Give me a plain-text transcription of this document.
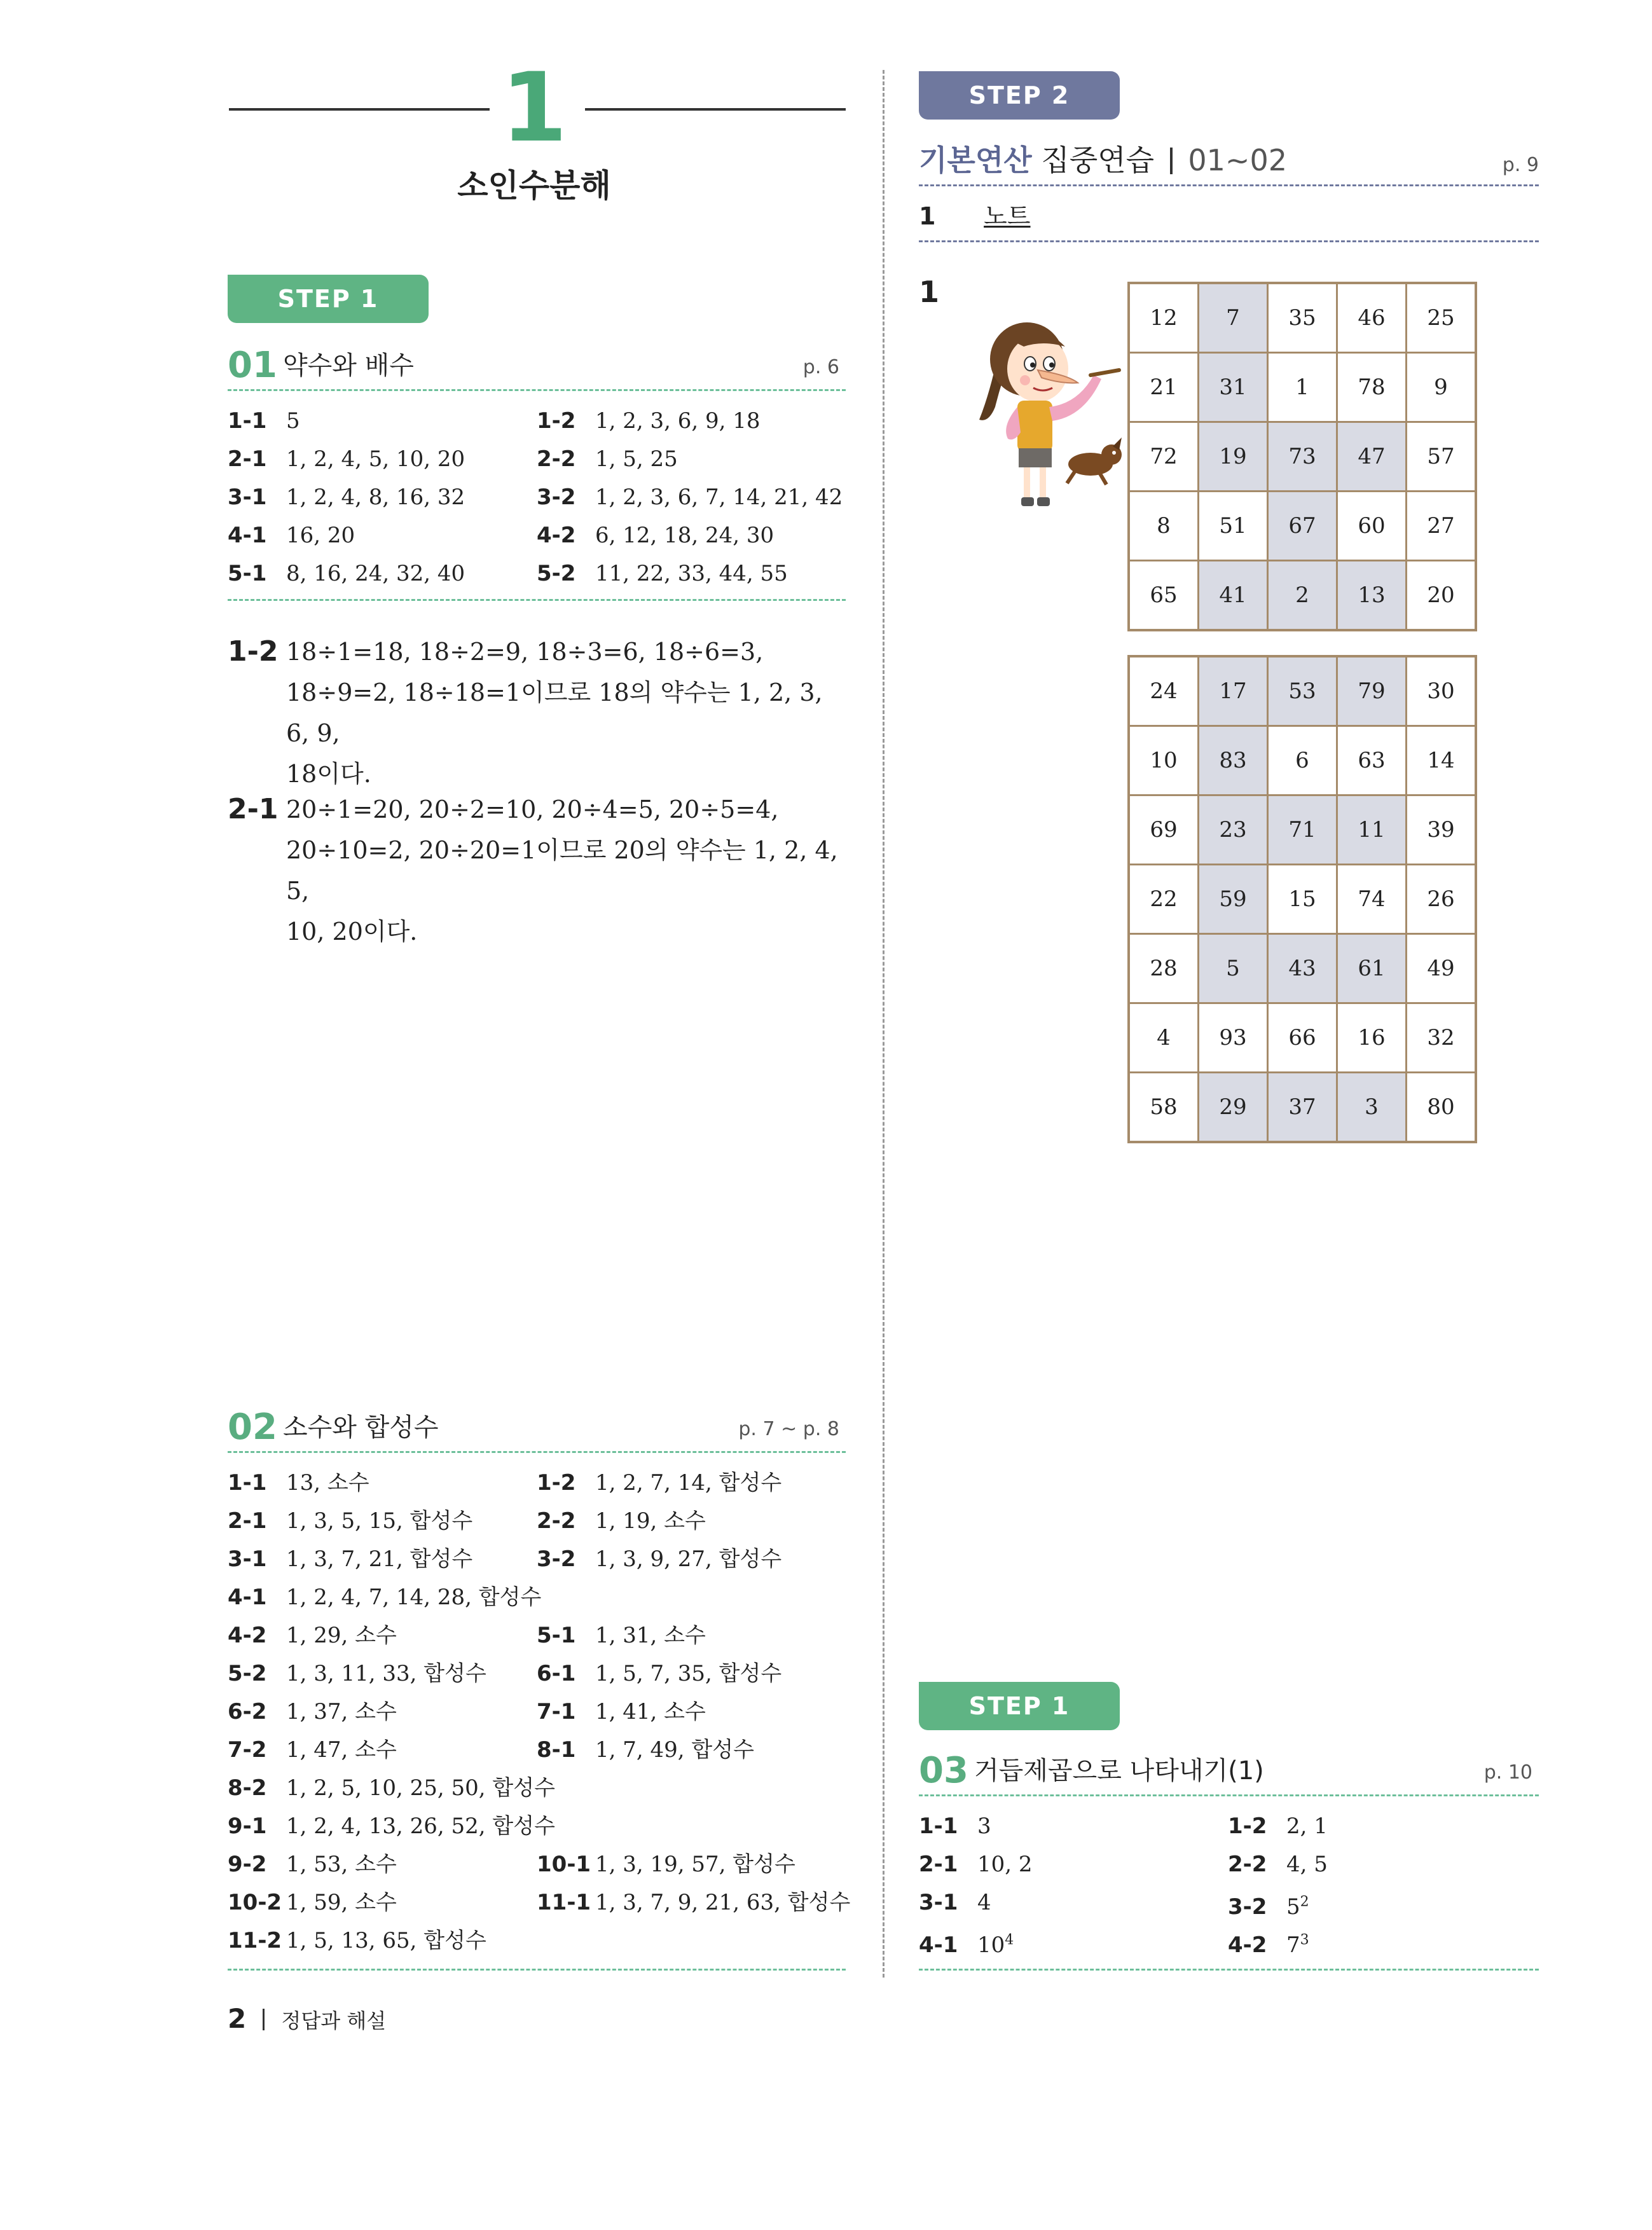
1
소인수분해
STEP 1
01 약수와 배수	p. 6
1-1 5	1-2 1, 2, 3, 6, 9, 18
2-1 1, 2, 4, 5, 10, 20	2-2 1, 5, 25
3-1 1, 2, 4, 8, 16, 32	3-2 1, 2, 3, 6, 7, 14, 21, 42
4-1 16, 20	4-2 6, 12, 18, 24, 30
5-1 8, 16, 24, 32, 40	5-2 11, 22, 33, 44, 55
1-2 18÷1=18, 18÷2=9, 18÷3=6, 18÷6=3,
18÷9=2, 18÷18=1이므로 18의 약수는 1, 2, 3, 6, 9,
18이다.
2-1 20÷1=20, 20÷2=10, 20÷4=5, 20÷5=4,
20÷10=2, 20÷20=1이므로 20의 약수는 1, 2, 4, 5,
10, 20이다.
02 소수와 합성수	p. 7 ~ p. 8
1-1 13, 소수	1-2 1, 2, 7, 14, 합성수
2-1 1, 3, 5, 15, 합성수	2-2 1, 19, 소수
3-1 1, 3, 7, 21, 합성수	3-2 1, 3, 9, 27, 합성수
4-1 1, 2, 4, 7, 14, 28, 합성수
4-2 1, 29, 소수	5-1 1, 31, 소수
5-2 1, 3, 11, 33, 합성수 6-1 1, 5, 7, 35, 합성수
6-2 1, 37, 소수	7-1 1, 41, 소수
7-2 1, 47, 소수	8-1 1, 7, 49, 합성수
8-2 1, 2, 5, 10, 25, 50, 합성수
9-1 1, 2, 4, 13, 26, 52, 합성수
9-2 1, 53, 소수	10-1 1, 3, 19, 57, 합성수
10-2 1, 59, 소수	11-1 1, 3, 7, 9, 21, 63, 합성수
11-2 1, 5, 13, 65, 합성수
2 정답과 해설
STEP 2
기본연산 집중연습 01~02	p. 9
1 노트
1
12	7	35	46	25
21	31	1	78	9
72	19	73	47	57
8	51	67	60	27
65	41	2	13	20
24	17	53	79	30
10	83	6	63	14
69	23	71	11	39
22	59	15	74	26
28	5	43	61	49
4	93	66	16	32
58	29	37	3	80
STEP 1
03 거듭제곱으로 나타내기(1)	p. 10
1-1 3	1-2 2, 1
2-1 10, 2	2-2 4, 5
3-1 4	3-2 $5^2$
4-1 $10^4$	4-2 $7^3$
